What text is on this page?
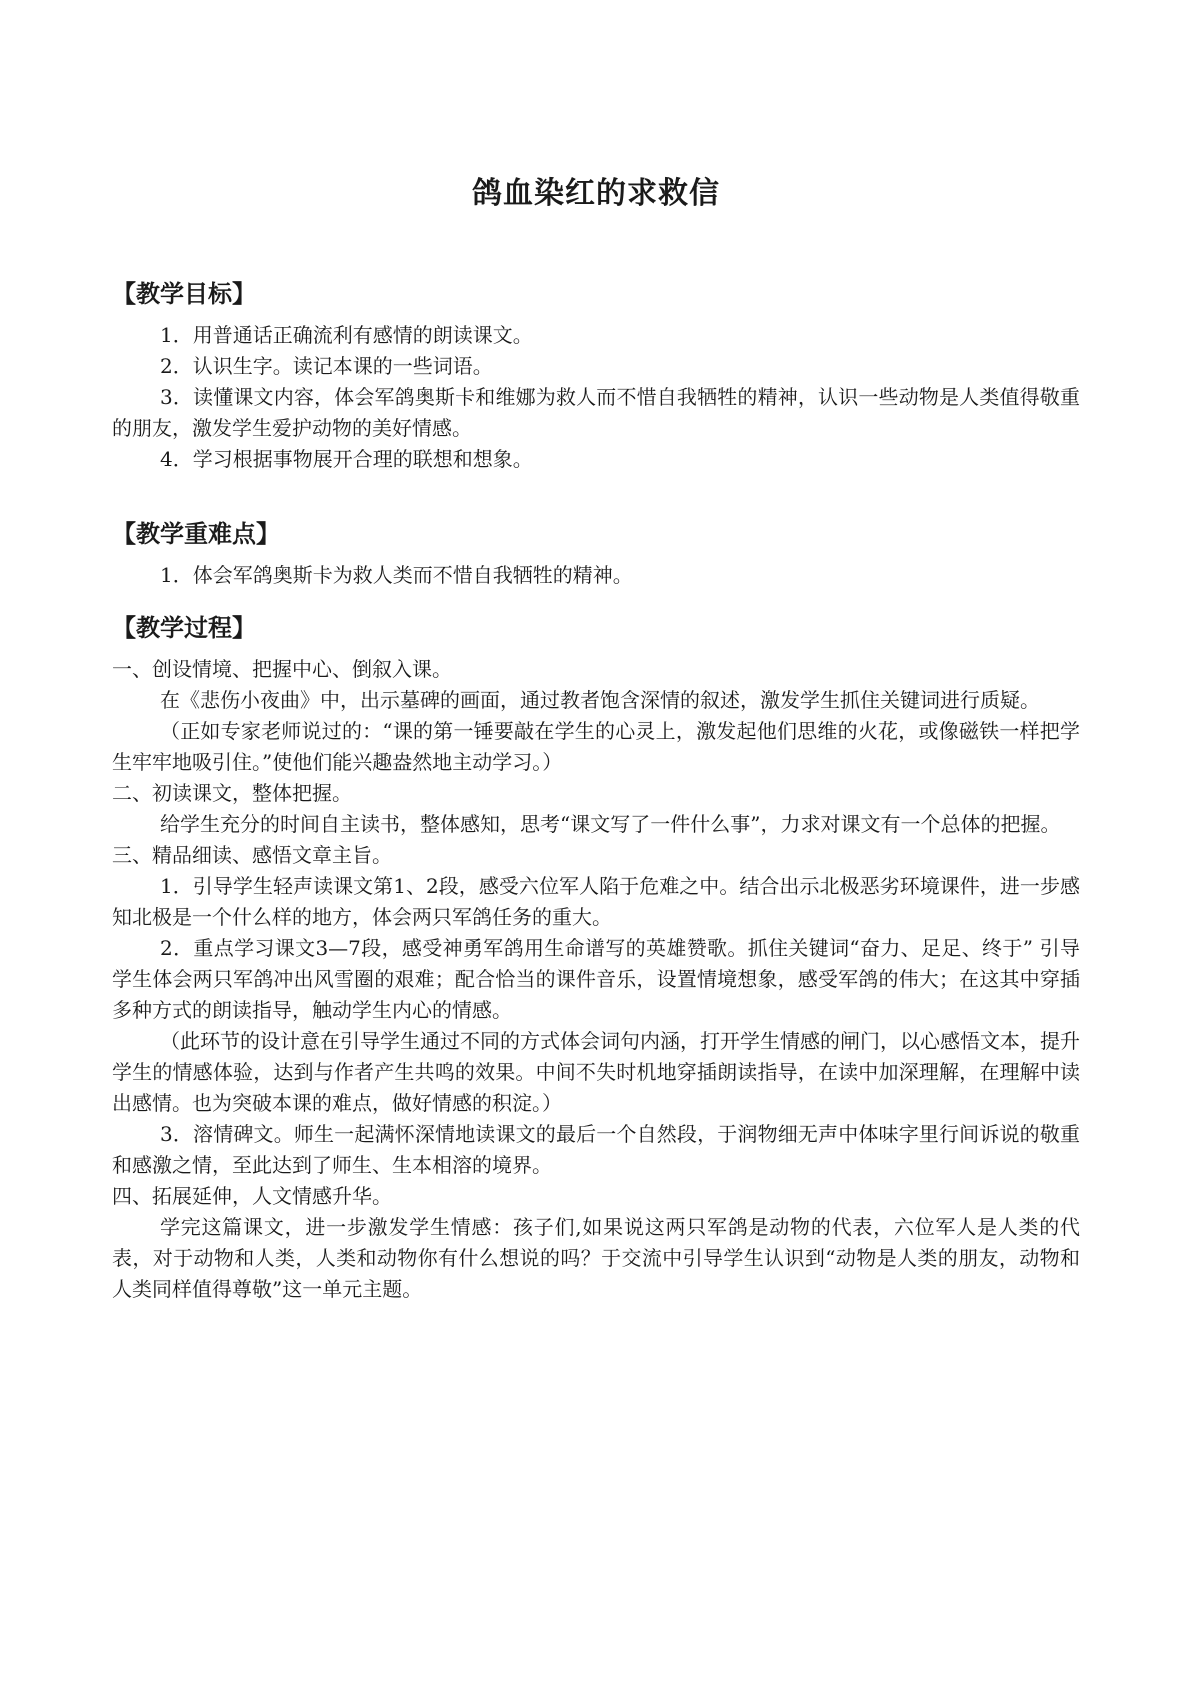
鸽血染红的求救信
【教学目标】

1．用普通话正确流利有感情的朗读课文。

2．认识生字。读记本课的一些词语。

3．读懂课文内容，体会军鸽奥斯卡和维娜为救人而不惜自我牺牲的精神，认识一些动物是人类值得敬重的朋友，激发学生爱护动物的美好情感。

4．学习根据事物展开合理的联想和想象。

【教学重难点】

1．体会军鸽奥斯卡为救人类而不惜自我牺牲的精神。

【教学过程】

一、创设情境、把握中心、倒叙入课。

在《悲伤小夜曲》中，出示墓碑的画面，通过教者饱含深情的叙述，激发学生抓住关键词进行质疑。

（正如专家老师说过的：“课的第一锤要敲在学生的心灵上，激发起他们思维的火花，或像磁铁一样把学生牢牢地吸引住。”使他们能兴趣盎然地主动学习。）

二、初读课文，整体把握。

给学生充分的时间自主读书，整体感知，思考“课文写了一件什么事”，力求对课文有一个总体的把握。

三、精品细读、感悟文章主旨。

1．引导学生轻声读课文第1、2段，感受六位军人陷于危难之中。结合出示北极恶劣环境课件，进一步感知北极是一个什么样的地方，体会两只军鸽任务的重大。

2．重点学习课文3—7段，感受神勇军鸽用生命谱写的英雄赞歌。抓住关键词“奋力、足足、终于” 引导学生体会两只军鸽冲出风雪圈的艰难；配合恰当的课件音乐，设置情境想象，感受军鸽的伟大；在这其中穿插多种方式的朗读指导，触动学生内心的情感。

（此环节的设计意在引导学生通过不同的方式体会词句内涵，打开学生情感的闸门，以心感悟文本，提升学生的情感体验，达到与作者产生共鸣的效果。中间不失时机地穿插朗读指导，在读中加深理解，在理解中读出感情。也为突破本课的难点，做好情感的积淀。）

3．溶情碑文。师生一起满怀深情地读课文的最后一个自然段，于润物细无声中体味字里行间诉说的敬重和感激之情，至此达到了师生、生本相溶的境界。

四、拓展延伸，人文情感升华。

学完这篇课文，进一步激发学生情感：孩子们,如果说这两只军鸽是动物的代表，六位军人是人类的代表，对于动物和人类，人类和动物你有什么想说的吗？于交流中引导学生认识到“动物是人类的朋友，动物和人类同样值得尊敬”这一单元主题。
